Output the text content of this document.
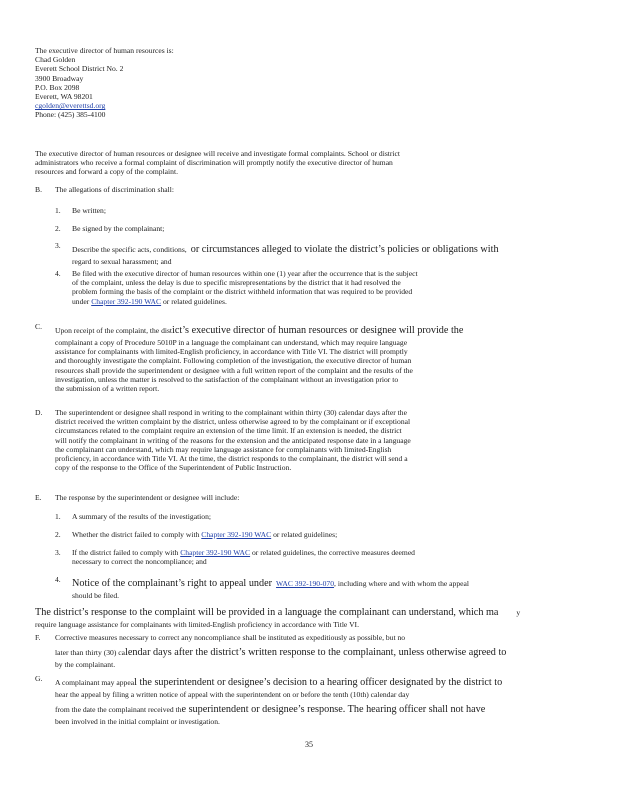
The executive director of human resources is:
Chad Golden
Everett School District No. 2
3900 Broadway
P.O. Box 2098
Everett, WA 98201
cgolden@everettsd.org
Phone: (425) 385-4100
The executive director of human resources or designee will receive and investigate formal complaints. School or district
administrators who receive a formal complaint of discrimination will promptly notify the executive director of human
resources and forward a copy of the complaint.
B. The allegations of discrimination shall:
1. Be written;
2. Be signed by the complainant;
3. Describe the specific acts, conditions, or circumstances alleged to violate the district’s policies or obligations with
regard to sexual harassment; and
4. Be filed with the executive director of human resources within one (1) year after the occurrence that is the subject
of the complaint, unless the delay is due to specific misrepresentations by the district that it had resolved the
problem forming the basis of the complaint or the district withheld information that was required to be provided
under Chapter 392-190 WAC or related guidelines.
C. Upon receipt of the complaint, the distict’s executive director of human resources or designee will provide the
complainant a copy of Procedure 5010P in a language the complainant can understand, which may require language
assistance for complainants with limited-English proficiency, in accordance with Title VI. The district will promptly
and thoroughly investigate the complaint. Following completion of the investigation, the executive director of human
resources shall provide the superintendent or designee with a full written report of the complaint and the results of the
investigation, unless the matter is resolved to the satisfaction of the complainant without an investigation prior to
the submission of a written report.
D. The superintendent or designee shall respond in writing to the complainant within thirty (30) calendar days after the
district received the written complaint by the district, unless otherwise agreed to by the complainant or if exceptional
circumstances related to the complaint require an extension of the time limit. If an extension is needed, the district
will notify the complainant in writing of the reasons for the extension and the anticipated response date in a language
the complainant can understand, which may require language assistance for complainants with limited-English
proficiency, in accordance with Title VI. At the time, the district responds to the complainant, the district will send a
copy of the response to the Office of the Superintendent of Public Instruction.
E. The response by the superintendent or designee will include:
1. A summary of the results of the investigation;
2. Whether the district failed to comply with Chapter 392-190 WAC or related guidelines;
3. If the district failed to comply with Chapter 392-190 WAC or related guidelines, the corrective measures deemed
necessary to correct the noncompliance; and
4. Notice of the complainant’s right to appeal under WAC 392-190-070, including where and with whom the appeal
should be filed.
The district’s response to the complaint will be provided in a language the complainant can understand, which ma y
require language assistance for complainants with limited-English proficiency in accordance with Title VI.
F. Corrective measures necessary to correct any noncompliance shall be instituted as expeditiously as possible, but no
later than thirty (30) calendar days after the district’s written response to the complainant, unless otherwise agreed to
by the complainant.
G. A complainant may appeal the superintendent or designee’s decision to a hearing officer designated by the district to
hear the appeal by filing a written notice of appeal with the superintendent on or before the tenth (10th) calendar day
from the date the complainant received the superintendent or designee’s response. The hearing officer shall not have
been involved in the initial complaint or investigation.
35
